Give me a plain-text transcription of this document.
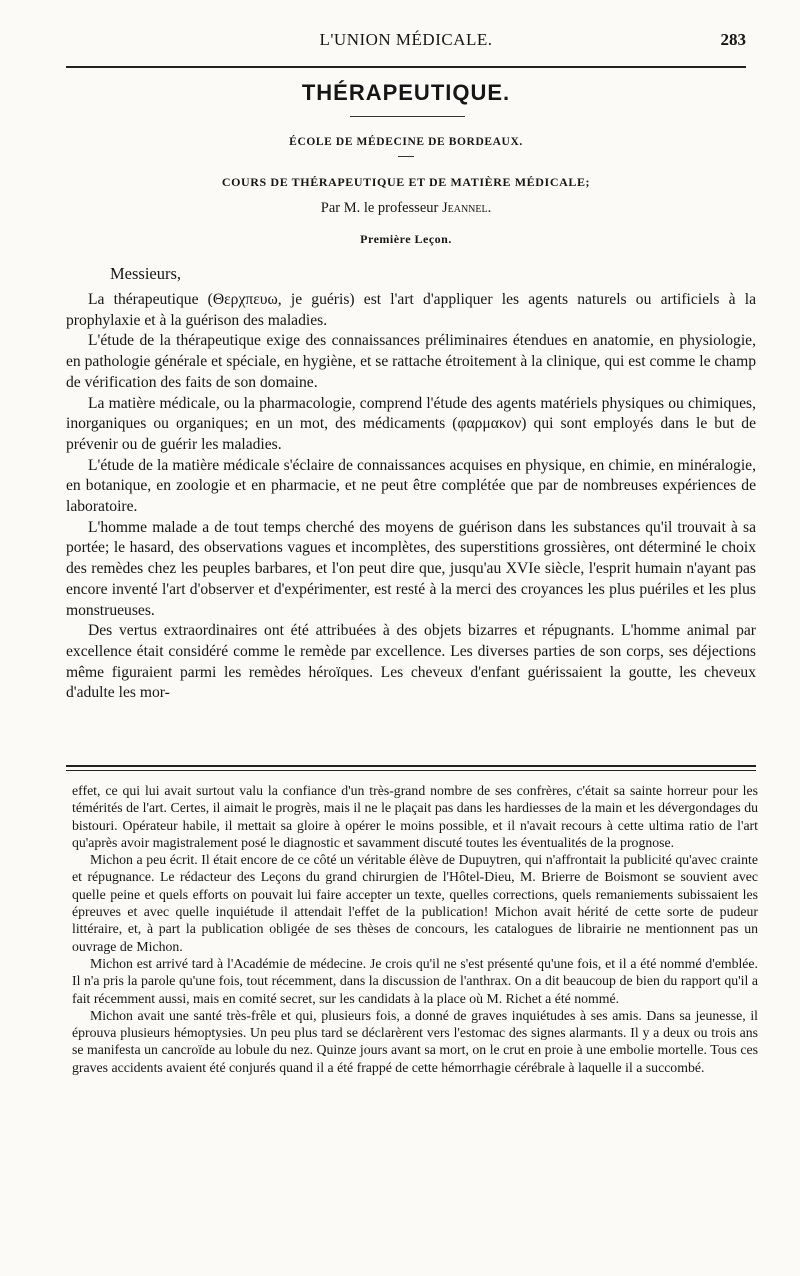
L'UNION MÉDICALE.	283
THÉRAPEUTIQUE.
ÉCOLE DE MÉDECINE DE BORDEAUX.
COURS DE THÉRAPEUTIQUE ET DE MATIÈRE MÉDICALE;
Par M. le professeur Jeannel.
Première Leçon.
Messieurs,

La thérapeutique (Θερχπευω, je guéris) est l'art d'appliquer les agents naturels ou artificiels à la prophylaxie et à la guérison des maladies.

L'étude de la thérapeutique exige des connaissances préliminaires étendues en anatomie, en physiologie, en pathologie générale et spéciale, en hygiène, et se rattache étroitement à la clinique, qui est comme le champ de vérification des faits de son domaine.

La matière médicale, ou la pharmacologie, comprend l'étude des agents matériels physiques ou chimiques, inorganiques ou organiques; en un mot, des médicaments (φαρμακον) qui sont employés dans le but de prévenir ou de guérir les maladies.

L'étude de la matière médicale s'éclaire de connaissances acquises en physique, en chimie, en minéralogie, en botanique, en zoologie et en pharmacie, et ne peut être complétée que par de nombreuses expériences de laboratoire.

L'homme malade a de tout temps cherché des moyens de guérison dans les substances qu'il trouvait à sa portée; le hasard, des observations vagues et incomplètes, des superstitions grossières, ont déterminé le choix des remèdes chez les peuples barbares, et l'on peut dire que, jusqu'au XVIe siècle, l'esprit humain n'ayant pas encore inventé l'art d'observer et d'expérimenter, est resté à la merci des croyances les plus puériles et les plus monstrueuses.

Des vertus extraordinaires ont été attribuées à des objets bizarres et répugnants. L'homme animal par excellence était considéré comme le remède par excellence. Les diverses parties de son corps, ses déjections même figuraient parmi les remèdes héroïques. Les cheveux d'enfant guérissaient la goutte, les cheveux d'adulte les mor-

effet, ce qui lui avait surtout valu la confiance d'un très-grand nombre de ses confrères, c'était sa sainte horreur pour les témérités de l'art. Certes, il aimait le progrès, mais il ne le plaçait pas dans les hardiesses de la main et les dévergondages du bistouri. Opérateur habile, il mettait sa gloire à opérer le moins possible, et il n'avait recours à cette ultima ratio de l'art qu'après avoir magistralement posé le diagnostic et savamment discuté toutes les éventualités de la prognose.

Michon a peu écrit. Il était encore de ce côté un véritable élève de Dupuytren, qui n'affrontait la publicité qu'avec crainte et répugnance. Le rédacteur des Leçons du grand chirurgien de l'Hôtel-Dieu, M. Brierre de Boismont se souvient avec quelle peine et quels efforts on pouvait lui faire accepter un texte, quelles corrections, quels remaniements subissaient les épreuves et avec quelle inquiétude il attendait l'effet de la publication! Michon avait hérité de cette sorte de pudeur littéraire, et, à part la publication obligée de ses thèses de concours, les catalogues de librairie ne mentionnent pas un ouvrage de Michon.

Michon est arrivé tard à l'Académie de médecine. Je crois qu'il ne s'est présenté qu'une fois, et il a été nommé d'emblée. Il n'a pris la parole qu'une fois, tout récemment, dans la discussion de l'anthrax. On a dit beaucoup de bien du rapport qu'il a fait récemment aussi, mais en comité secret, sur les candidats à la place où M. Richet a été nommé.

Michon avait une santé très-frêle et qui, plusieurs fois, a donné de graves inquiétudes à ses amis. Dans sa jeunesse, il éprouva plusieurs hémoptysies. Un peu plus tard se déclarèrent vers l'estomac des signes alarmants. Il y a deux ou trois ans se manifesta un cancroïde au lobule du nez. Quinze jours avant sa mort, on le crut en proie à une embolie mortelle. Tous ces graves accidents avaient été conjurés quand il a été frappé de cette hémorrhagie cérébrale à laquelle il a succombé.
